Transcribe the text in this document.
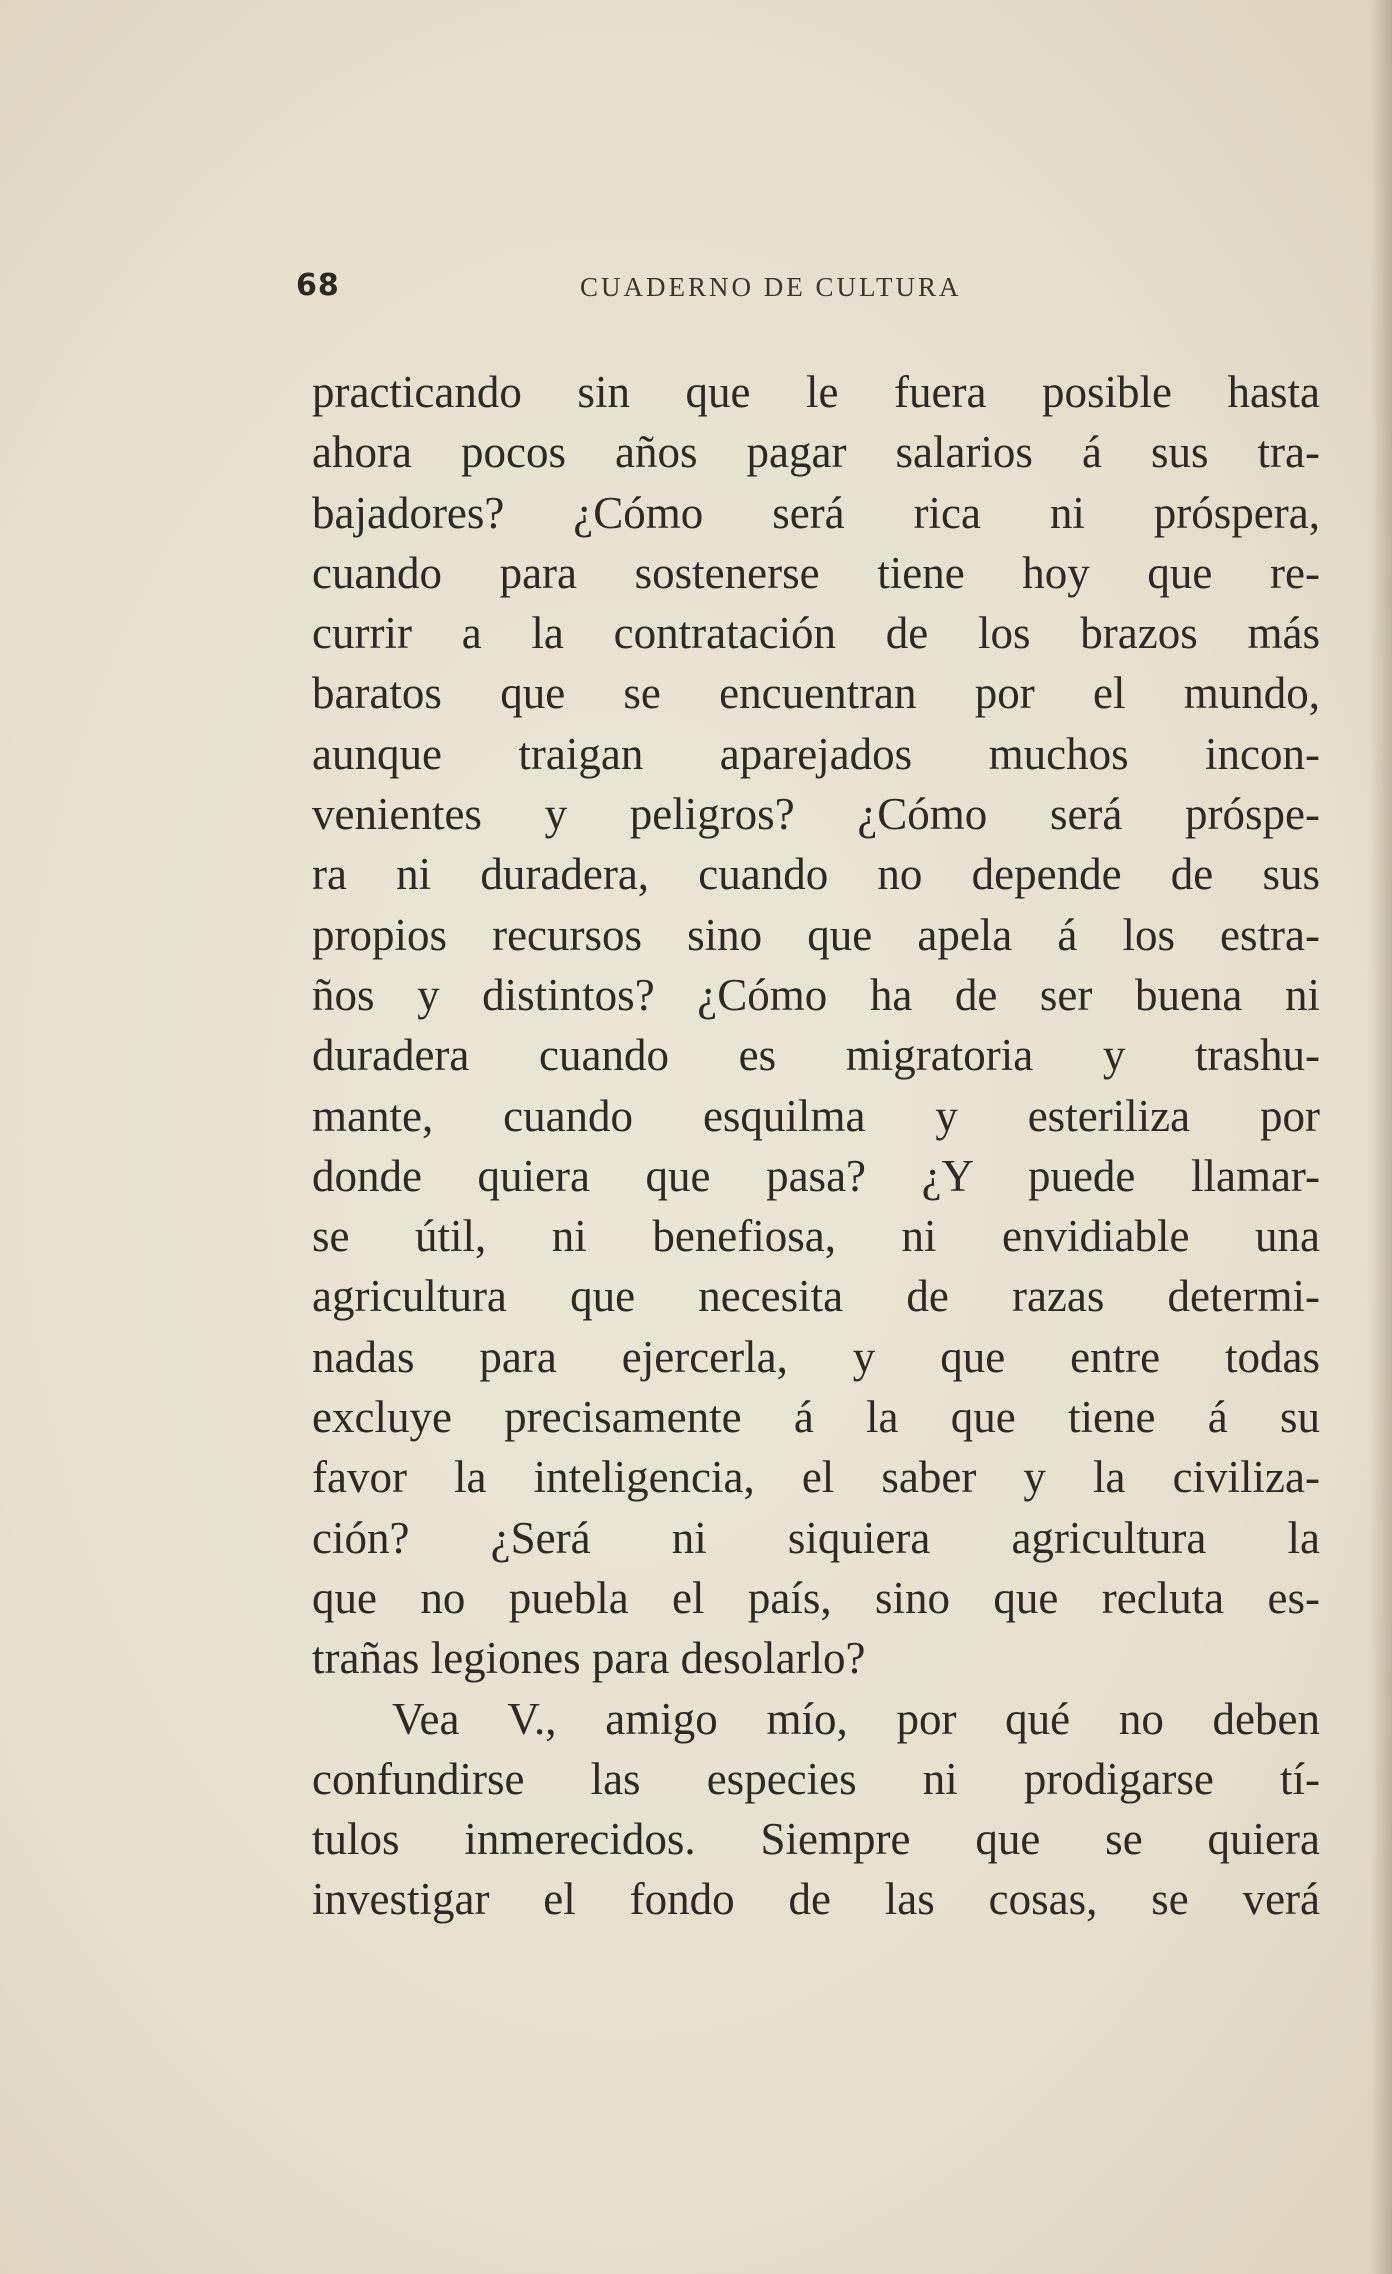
68	CUADERNO DE CULTURA
practicando sin que le fuera posible hasta
ahora pocos años pagar salarios á sus tra-
bajadores? ¿Cómo será rica ni próspera,
cuando para sostenerse tiene hoy que re-
currir a la contratación de los brazos más
baratos que se encuentran por el mundo,
aunque traigan aparejados muchos incon-
venientes y peligros? ¿Cómo será próspe-
ra ni duradera, cuando no depende de sus
propios recursos sino que apela á los estra-
ños y distintos? ¿Cómo ha de ser buena ni
duradera cuando es migratoria y trashu-
mante, cuando esquilma y esteriliza por
donde quiera que pasa? ¿Y puede llamar-
se útil, ni benefiosa, ni envidiable una
agricultura que necesita de razas determi-
nadas para ejercerla, y que entre todas
excluye precisamente á la que tiene á su
favor la inteligencia, el saber y la civiliza-
ción? ¿Será ni siquiera agricultura la
que no puebla el país, sino que recluta es-
trañas legiones para desolarlo?
Vea V., amigo mío, por qué no deben
confundirse las especies ni prodigarse tí-
tulos inmerecidos. Siempre que se quiera
investigar el fondo de las cosas, se verá
